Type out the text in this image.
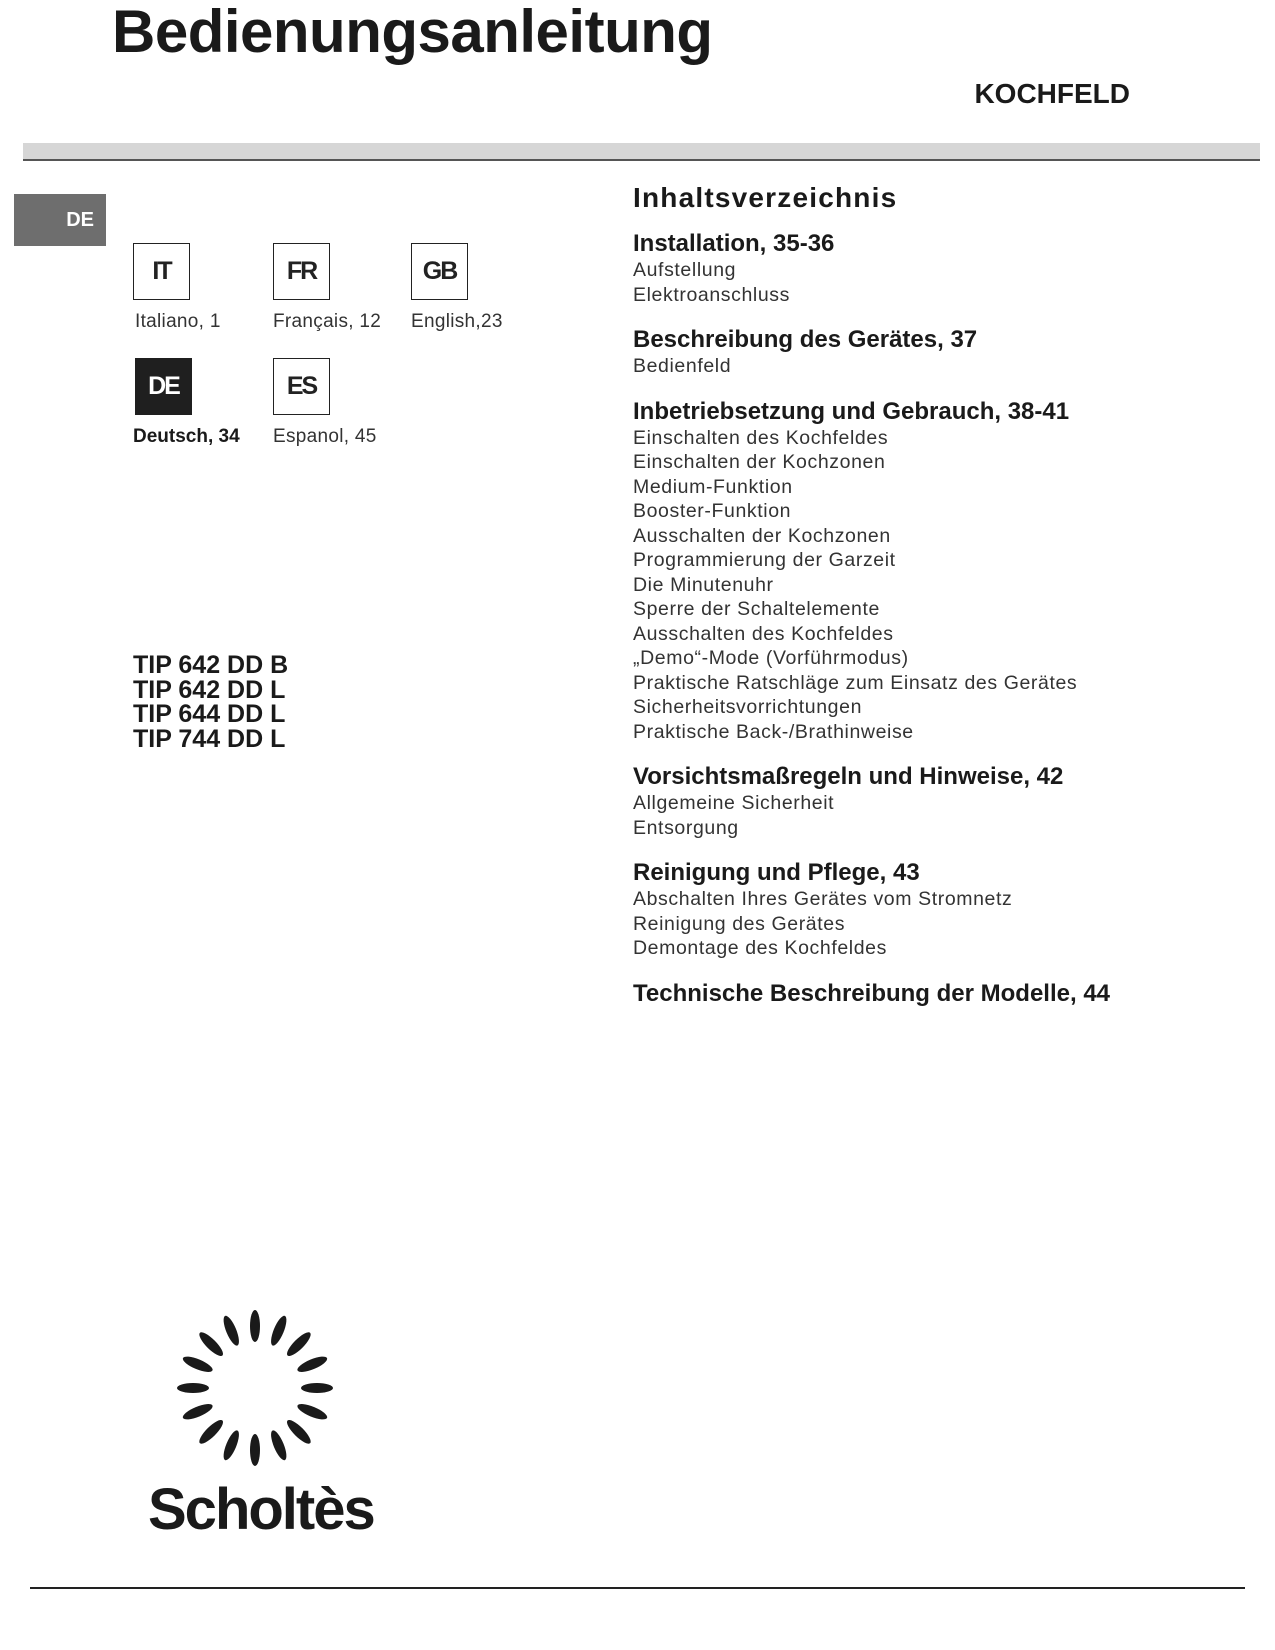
Bedienungsanleitung
KOCHFELD
DE
IT	FR	GB
Italiano, 1	Français, 12 English,23
DE	ES
Deutsch, 34 Espanol, 45
TIP 642 DD B
TIP 642 DD L
TIP 644 DD L
TIP 744 DD L
Inhaltsverzeichnis
Installation, 35-36
Aufstellung
Elektroanschluss
Beschreibung des Gerätes, 37
Bedienfeld
Inbetriebsetzung und Gebrauch, 38-41
Einschalten des Kochfeldes
Einschalten der Kochzonen
Medium-Funktion
Booster-Funktion
Ausschalten der Kochzonen
Programmierung der Garzeit
Die Minutenuhr
Sperre der Schaltelemente
Ausschalten des Kochfeldes
„Demo“-Mode (Vorführmodus)
Praktische Ratschläge zum Einsatz des Gerätes
Sicherheitsvorrichtungen
Praktische Back-/Brathinweise
Vorsichtsmaßregeln und Hinweise, 42
Allgemeine Sicherheit
Entsorgung
Reinigung und Pflege, 43
Abschalten Ihres Gerätes vom Stromnetz
Reinigung des Gerätes
Demontage des Kochfeldes
Technische Beschreibung der Modelle, 44
Scholtès
